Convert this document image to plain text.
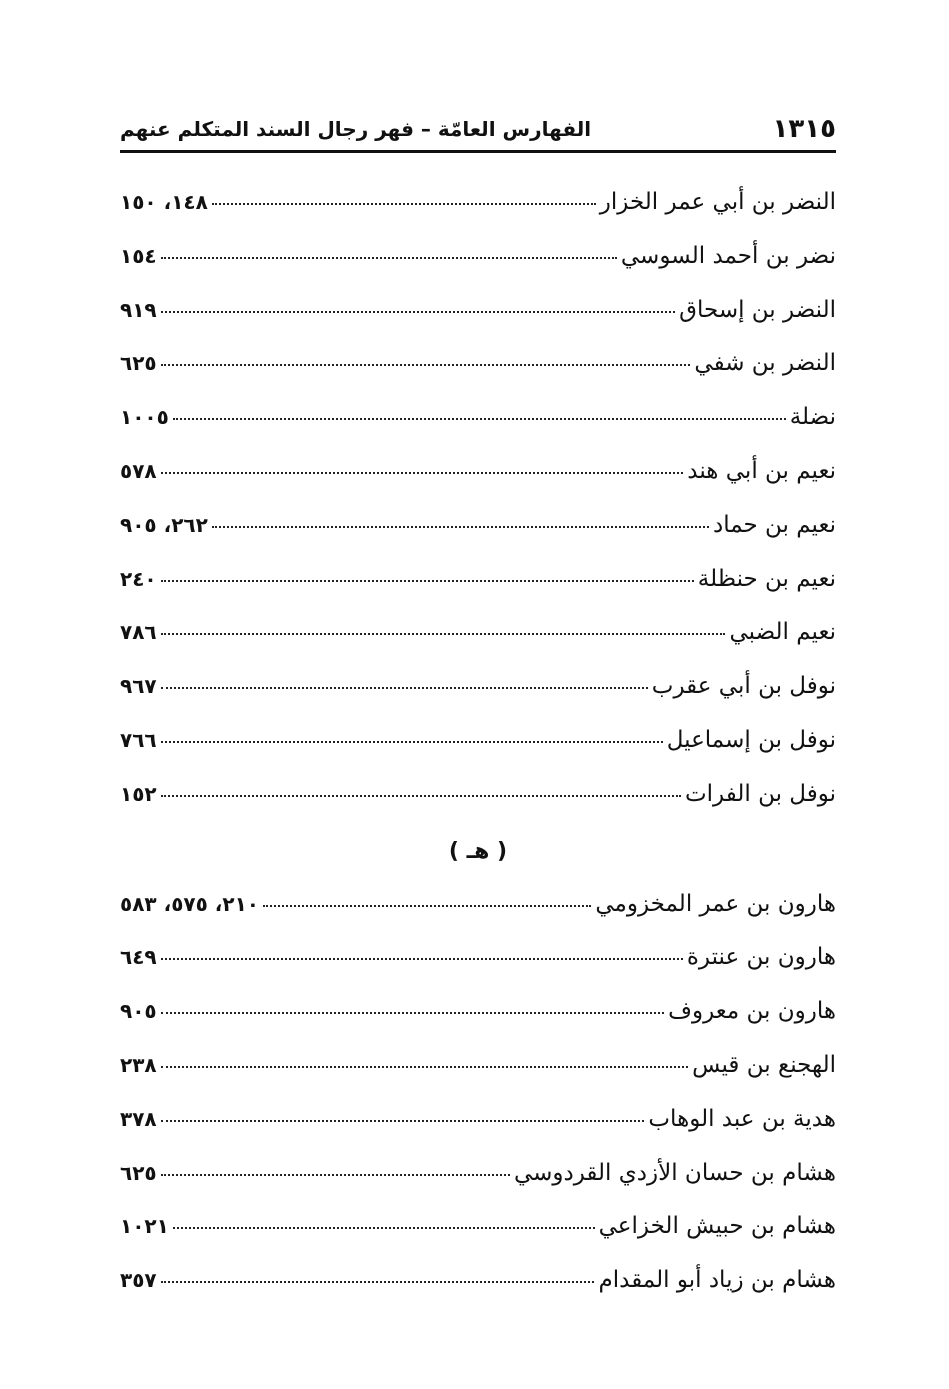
١٣١٥
الفهارس العامّة – فهر رجال السند المتكلم عنهم
النضر بن أبي عمر الخزار
١٤٨، ١٥٠
نضر بن أحمد السوسي
١٥٤
النضر بن إسحاق
٩١٩
النضر بن شفي
٦٢٥
نضلة
١٠٠٥
نعيم بن أبي هند
٥٧٨
نعيم بن حماد
٢٦٢، ٩٠٥
نعيم بن حنظلة
٢٤٠
نعيم الضبي
٧٨٦
نوفل بن أبي عقرب
٩٦٧
نوفل بن إسماعيل
٧٦٦
نوفل بن الفرات
١٥٢
( هـ )
هارون بن عمر المخزومي
٢١٠، ٥٧٥، ٥٨٣
هارون بن عنترة
٦٤٩
هارون بن معروف
٩٠٥
الهجنع بن قيس
٢٣٨
هدية بن عبد الوهاب
٣٧٨
هشام بن حسان الأزدي القردوسي
٦٢٥
هشام بن حبيش الخزاعي
١٠٢١
هشام بن زياد أبو المقدام
٣٥٧
